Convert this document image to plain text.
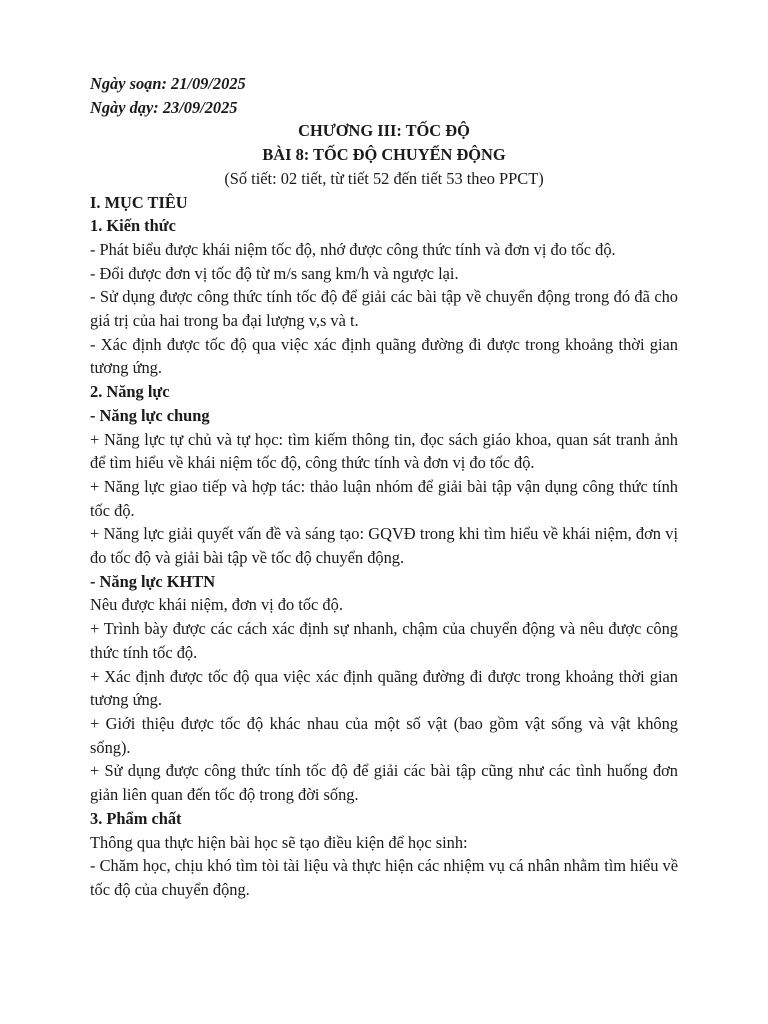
Ngày soạn: 21/09/2025
Ngày dạy: 23/09/2025
CHƯƠNG III: TỐC ĐỘ
BÀI 8: TỐC ĐỘ CHUYỂN ĐỘNG
(Số tiết: 02 tiết, từ tiết 52 đến tiết 53 theo PPCT)
I. MỤC TIÊU
1. Kiến thức
- Phát biểu được khái niệm tốc độ, nhớ được công thức tính và đơn vị đo tốc độ.
- Đổi được đơn vị tốc độ từ m/s sang km/h và ngược lại.
- Sử dụng được công thức tính tốc độ để giải các bài tập về chuyển động trong đó đã cho giá trị của hai trong ba đại lượng v,s và t.
- Xác định được tốc độ qua việc xác định quãng đường đi được trong khoảng thời gian tương ứng.
2. Năng lực
- Năng lực chung
+ Năng lực tự chủ và tự học: tìm kiếm thông tin, đọc sách giáo khoa, quan sát tranh ảnh để tìm hiểu về khái niệm tốc độ, công thức tính và đơn vị đo tốc độ.
+ Năng lực giao tiếp và hợp tác: thảo luận nhóm để giải bài tập vận dụng công thức tính tốc độ.
+ Năng lực giải quyết vấn đề và sáng tạo: GQVĐ trong khi tìm hiểu về khái niệm, đơn vị đo tốc độ và giải bài tập về tốc độ chuyển động.
- Năng lực KHTN
Nêu được khái niệm, đơn vị đo tốc độ.
+ Trình bày được các cách xác định sự nhanh, chậm của chuyển động và nêu được công thức tính tốc độ.
+ Xác định được tốc độ qua việc xác định quãng đường đi được trong khoảng thời gian tương ứng.
+ Giới thiệu được tốc độ khác nhau của một số vật (bao gồm vật sống và vật không sống).
+ Sử dụng được công thức tính tốc độ để giải các bài tập cũng như các tình huống đơn giản liên quan đến tốc độ trong đời sống.
3. Phẩm chất
Thông qua thực hiện bài học sẽ tạo điều kiện để học sinh:
- Chăm học, chịu khó tìm tòi tài liệu và thực hiện các nhiệm vụ cá nhân nhằm tìm hiểu về tốc độ của chuyển động.
